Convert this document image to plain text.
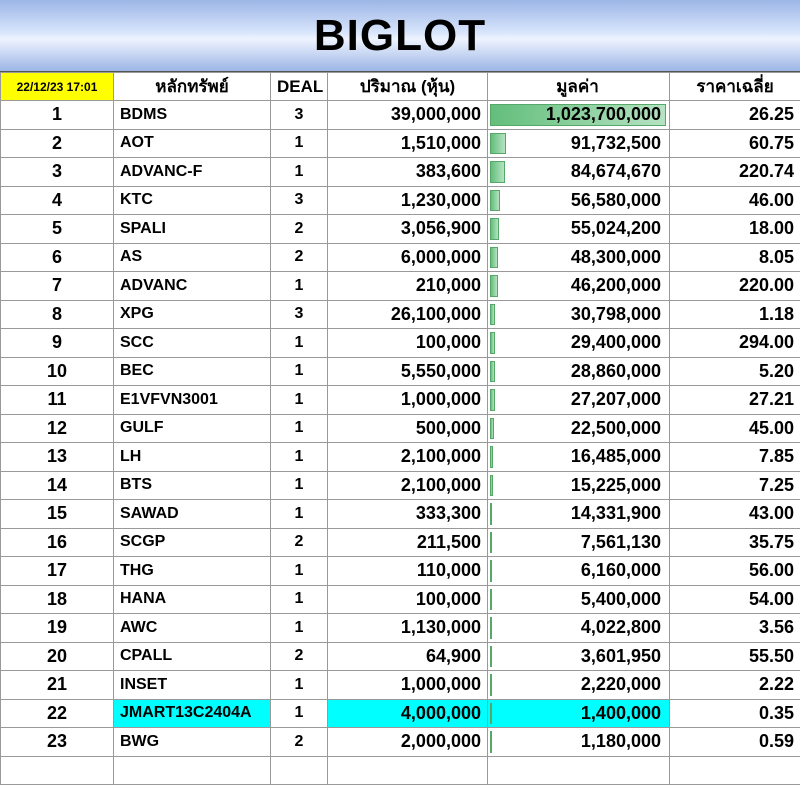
BIGLOT
22/12/23 17:01	หลักทรัพย์	DEAL	ปริมาณ (หุ้น)	มูลค่า	ราคาเฉลี่ย
1	BDMS	3	39,000,000	1,023,700,000	26.25
2	AOT	1	1,510,000	91,732,500	60.75
3	ADVANC-F	1	383,600	84,674,670	220.74
4	KTC	3	1,230,000	56,580,000	46.00
5	SPALI	2	3,056,900	55,024,200	18.00
6	AS	2	6,000,000	48,300,000	8.05
7	ADVANC	1	210,000	46,200,000	220.00
8	XPG	3	26,100,000	30,798,000	1.18
9	SCC	1	100,000	29,400,000	294.00
10	BEC	1	5,550,000	28,860,000	5.20
11	E1VFVN3001	1	1,000,000	27,207,000	27.21
12	GULF	1	500,000	22,500,000	45.00
13	LH	1	2,100,000	16,485,000	7.85
14	BTS	1	2,100,000	15,225,000	7.25
15	SAWAD	1	333,300	14,331,900	43.00
16	SCGP	2	211,500	7,561,130	35.75
17	THG	1	110,000	6,160,000	56.00
18	HANA	1	100,000	5,400,000	54.00
19	AWC	1	1,130,000	4,022,800	3.56
20	CPALL	2	64,900	3,601,950	55.50
21	INSET	1	1,000,000	2,220,000	2.22
22	JMART13C2404A	1	4,000,000	1,400,000	0.35
23	BWG	2	2,000,000	1,180,000	0.59
